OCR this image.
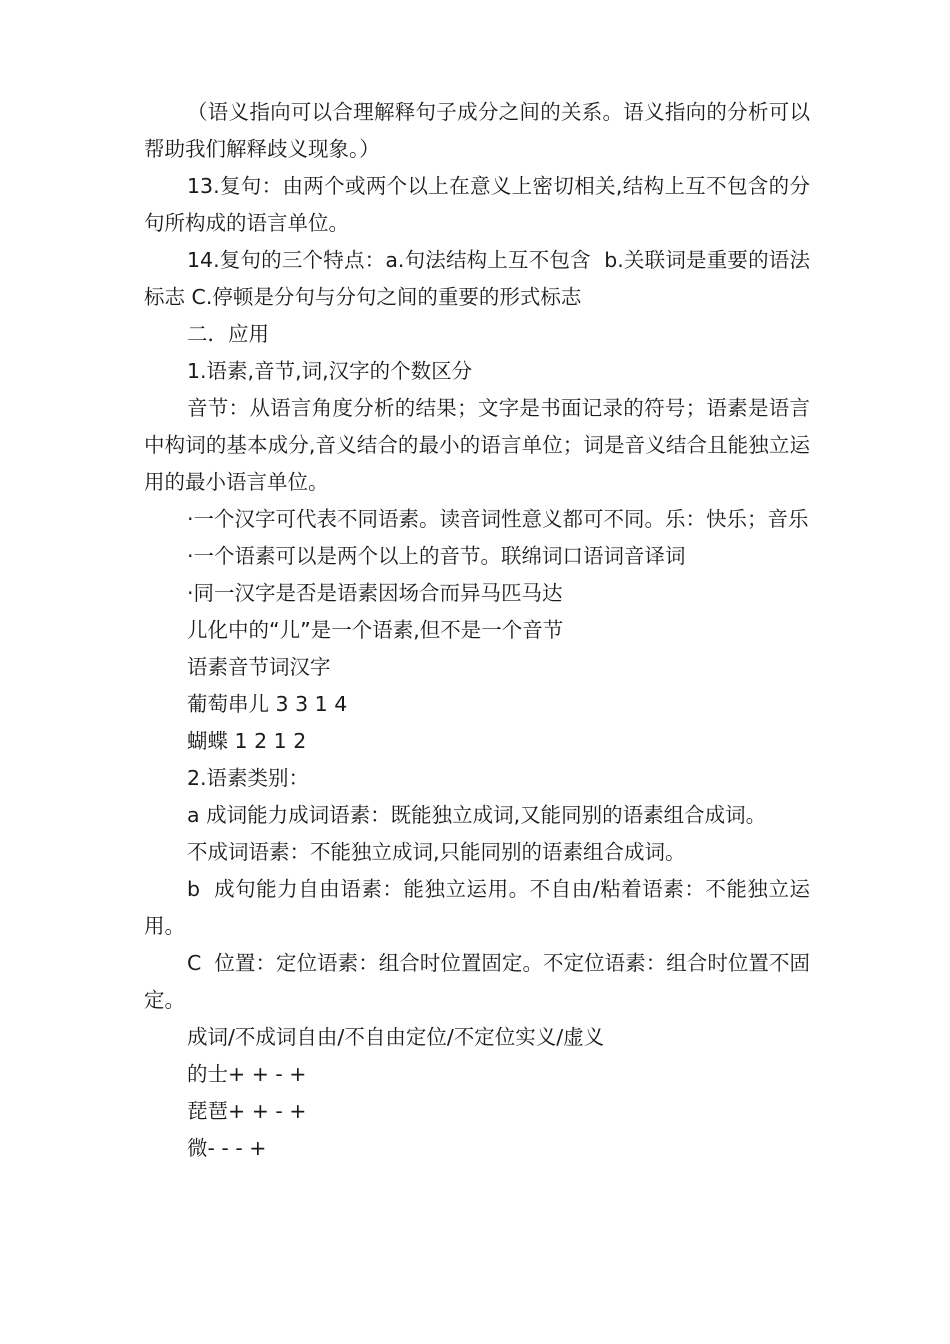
（语义指向可以合理解释句子成分之间的关系。语义指向的分析可以帮助我们解释歧义现象。）

13.复句：由两个或两个以上在意义上密切相关,结构上互不包含的分句所构成的语言单位。

14.复句的三个特点：a.句法结构上互不包含  b.关联词是重要的语法标志 C.停顿是分句与分句之间的重要的形式标志

二．应用

1.语素,音节,词,汉字的个数区分

音节：从语言角度分析的结果；文字是书面记录的符号；语素是语言中构词的基本成分,音义结合的最小的语言单位；词是音义结合且能独立运用的最小语言单位。

·一个汉字可代表不同语素。读音词性意义都可不同。乐：快乐；音乐

·一个语素可以是两个以上的音节。联绵词口语词音译词

·同一汉字是否是语素因场合而异马匹马达

儿化中的“儿”是一个语素,但不是一个音节

语素音节词汉字

葡萄串儿 3 3 1 4

蝴蝶 1 2 1 2

2.语素类别：

a 成词能力成词语素：既能独立成词,又能同别的语素组合成词。

不成词语素：不能独立成词,只能同别的语素组合成词。

b  成句能力自由语素：能独立运用。不自由/粘着语素：不能独立运用。

C  位置：定位语素：组合时位置固定。不定位语素：组合时位置不固定。

成词/不成词自由/不自由定位/不定位实义/虚义

的士+ + - +

琵琶+ + - +

微- - - +
